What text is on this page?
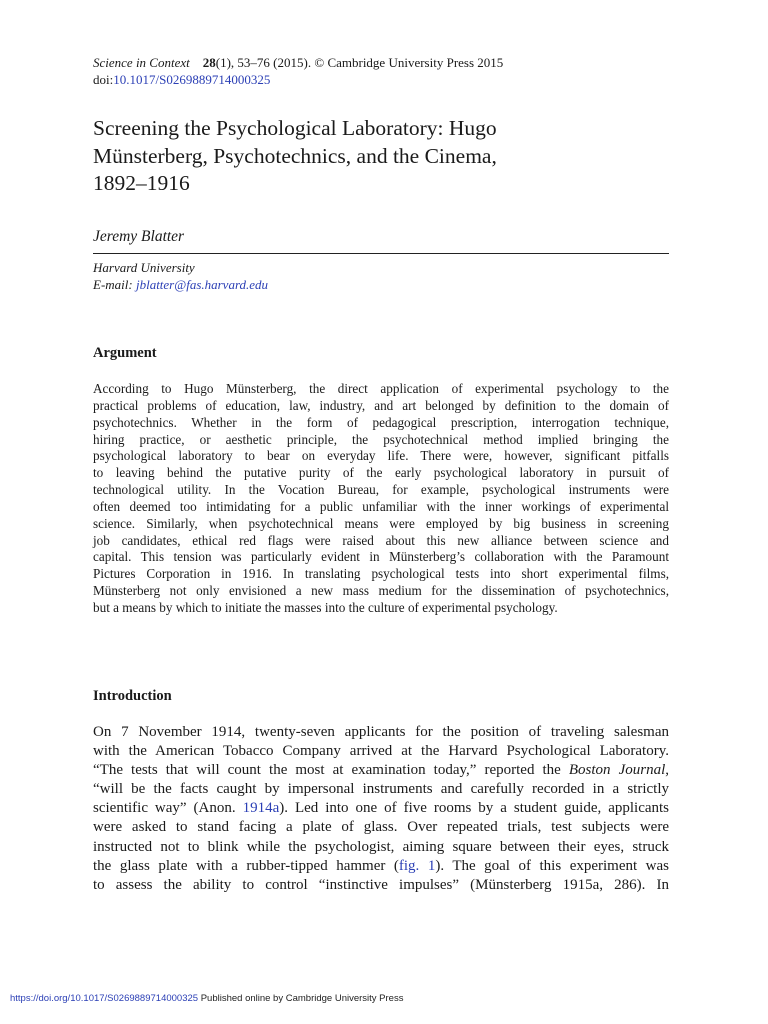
Science in Context 28(1), 53–76 (2015). © Cambridge University Press 2015
doi:10.1017/S0269889714000325
Screening the Psychological Laboratory: Hugo
Münsterberg, Psychotechnics, and the Cinema,
1892–1916
Jeremy Blatter
Harvard University
E-mail: jblatter@fas.harvard.edu
Argument
According to Hugo Münsterberg, the direct application of experimental psychology to the
practical problems of education, law, industry, and art belonged by definition to the domain of
psychotechnics. Whether in the form of pedagogical prescription, interrogation technique,
hiring practice, or aesthetic principle, the psychotechnical method implied bringing the
psychological laboratory to bear on everyday life. There were, however, significant pitfalls
to leaving behind the putative purity of the early psychological laboratory in pursuit of
technological utility. In the Vocation Bureau, for example, psychological instruments were
often deemed too intimidating for a public unfamiliar with the inner workings of experimental
science. Similarly, when psychotechnical means were employed by big business in screening
job candidates, ethical red flags were raised about this new alliance between science and
capital. This tension was particularly evident in Münsterberg’s collaboration with the Paramount
Pictures Corporation in 1916. In translating psychological tests into short experimental films,
Münsterberg not only envisioned a new mass medium for the dissemination of psychotechnics,
but a means by which to initiate the masses into the culture of experimental psychology.
Introduction
On 7 November 1914, twenty-seven applicants for the position of traveling salesman
with the American Tobacco Company arrived at the Harvard Psychological Laboratory.
“The tests that will count the most at examination today,” reported the Boston Journal,
“will be the facts caught by impersonal instruments and carefully recorded in a strictly
scientific way” (Anon. 1914a). Led into one of five rooms by a student guide, applicants
were asked to stand facing a plate of glass. Over repeated trials, test subjects were
instructed not to blink while the psychologist, aiming square between their eyes, struck
the glass plate with a rubber-tipped hammer (fig. 1). The goal of this experiment was
to assess the ability to control “instinctive impulses” (Münsterberg 1915a, 286). In
https://doi.org/10.1017/S0269889714000325 Published online by Cambridge University Press
